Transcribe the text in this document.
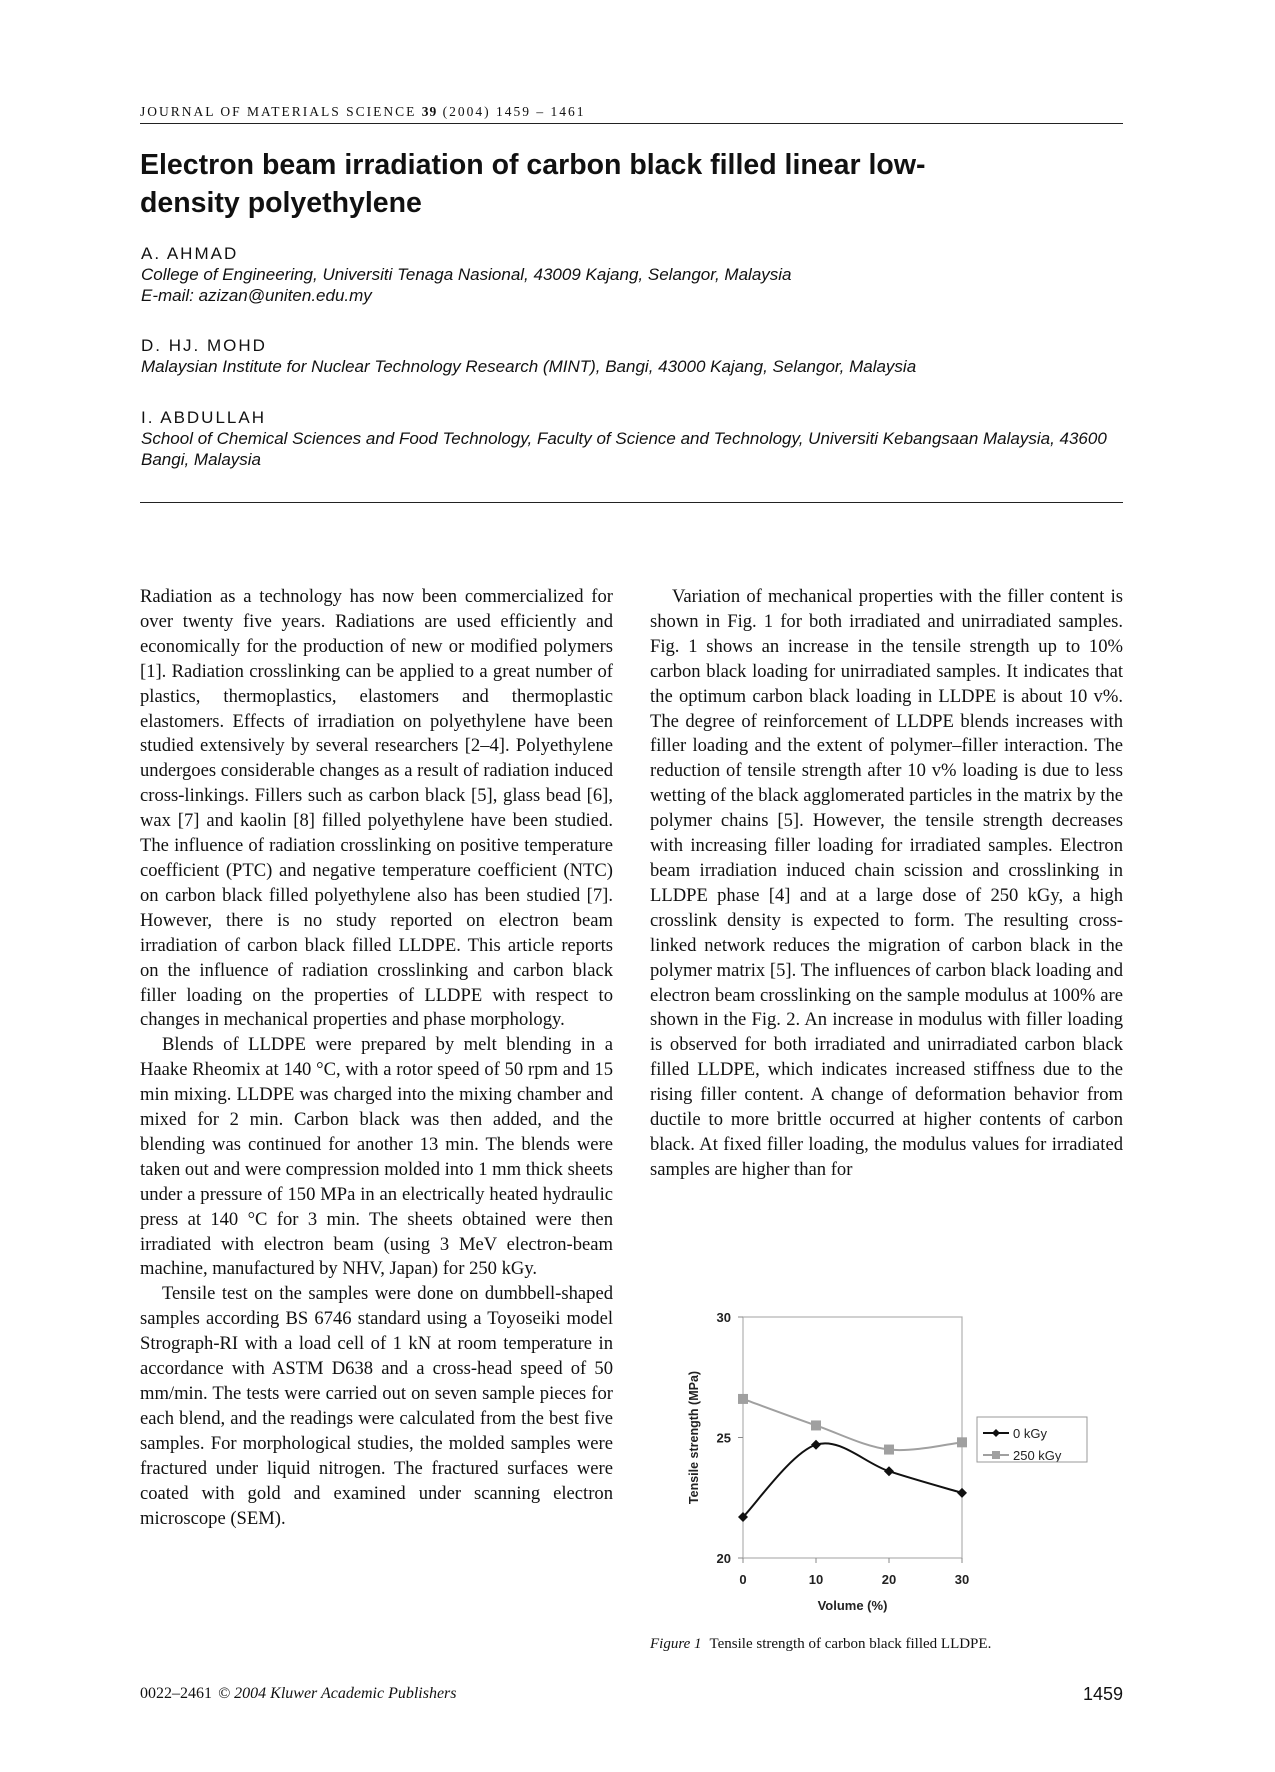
JOURNAL OF MATERIALS SCIENCE 39 (2004) 1459 – 1461
Electron beam irradiation of carbon black filled linear low-density polyethylene
A. AHMAD
College of Engineering, Universiti Tenaga Nasional, 43009 Kajang, Selangor, Malaysia
E-mail: azizan@uniten.edu.my
D. HJ. MOHD
Malaysian Institute for Nuclear Technology Research (MINT), Bangi, 43000 Kajang, Selangor, Malaysia
I. ABDULLAH
School of Chemical Sciences and Food Technology, Faculty of Science and Technology, Universiti Kebangsaan Malaysia, 43600 Bangi, Malaysia

Radiation as a technology has now been commercialized for over twenty five years. Radiations are used efficiently and economically for the production of new or modified polymers [1]. Radiation crosslinking can be applied to a great number of plastics, thermoplastics, elastomers and thermoplastic elastomers. Effects of irradiation on polyethylene have been studied extensively by several researchers [2–4]. Polyethylene undergoes considerable changes as a result of radiation induced cross-linkings. Fillers such as carbon black [5], glass bead [6], wax [7] and kaolin [8] filled polyethylene have been studied. The influence of radiation crosslinking on positive temperature coefficient (PTC) and negative temperature coefficient (NTC) on carbon black filled polyethylene also has been studied [7]. However, there is no study reported on electron beam irradiation of carbon black filled LLDPE. This article reports on the influence of radiation crosslinking and carbon black filler loading on the properties of LLDPE with respect to changes in mechanical properties and phase morphology.

Blends of LLDPE were prepared by melt blending in a Haake Rheomix at 140 °C, with a rotor speed of 50 rpm and 15 min mixing. LLDPE was charged into the mixing chamber and mixed for 2 min. Carbon black was then added, and the blending was continued for another 13 min. The blends were taken out and were compression molded into 1 mm thick sheets under a pressure of 150 MPa in an electrically heated hydraulic press at 140 °C for 3 min. The sheets obtained were then irradiated with electron beam (using 3 MeV electron-beam machine, manufactured by NHV, Japan) for 250 kGy.

Tensile test on the samples were done on dumbbell-shaped samples according BS 6746 standard using a Toyoseiki model Strograph-RI with a load cell of 1 kN at room temperature in accordance with ASTM D638 and a cross-head speed of 50 mm/min. The tests were carried out on seven sample pieces for each blend, and the readings were calculated from the best five samples. For morphological studies, the molded samples were fractured under liquid nitrogen. The fractured surfaces were coated with gold and examined under scanning electron microscope (SEM).

Variation of mechanical properties with the filler content is shown in Fig. 1 for both irradiated and unirradiated samples. Fig. 1 shows an increase in the tensile strength up to 10% carbon black loading for unirradiated samples. It indicates that the optimum carbon black loading in LLDPE is about 10 v%. The degree of reinforcement of LLDPE blends increases with filler loading and the extent of polymer–filler interaction. The reduction of tensile strength after 10 v% loading is due to less wetting of the black agglomerated particles in the matrix by the polymer chains [5]. However, the tensile strength decreases with increasing filler loading for irradiated samples. Electron beam irradiation induced chain scission and crosslinking in LLDPE phase [4] and at a large dose of 250 kGy, a high crosslink density is expected to form. The resulting cross-linked network reduces the migration of carbon black in the polymer matrix [5]. The influences of carbon black loading and electron beam crosslinking on the sample modulus at 100% are shown in the Fig. 2. An increase in modulus with filler loading is observed for both irradiated and unirradiated carbon black filled LLDPE, which indicates increased stiffness due to the rising filler content. A change of deformation behavior from ductile to more brittle occurred at higher contents of carbon black. At fixed filler loading, the modulus values for irradiated samples are higher than for

20
25
30
0	10	20	30
Volume (%)
Tensile strength (MPa)	0 kGy
250 kGy
Figure 1 Tensile strength of carbon black filled LLDPE.
0022–2461 © 2004 Kluwer Academic Publishers	1459
